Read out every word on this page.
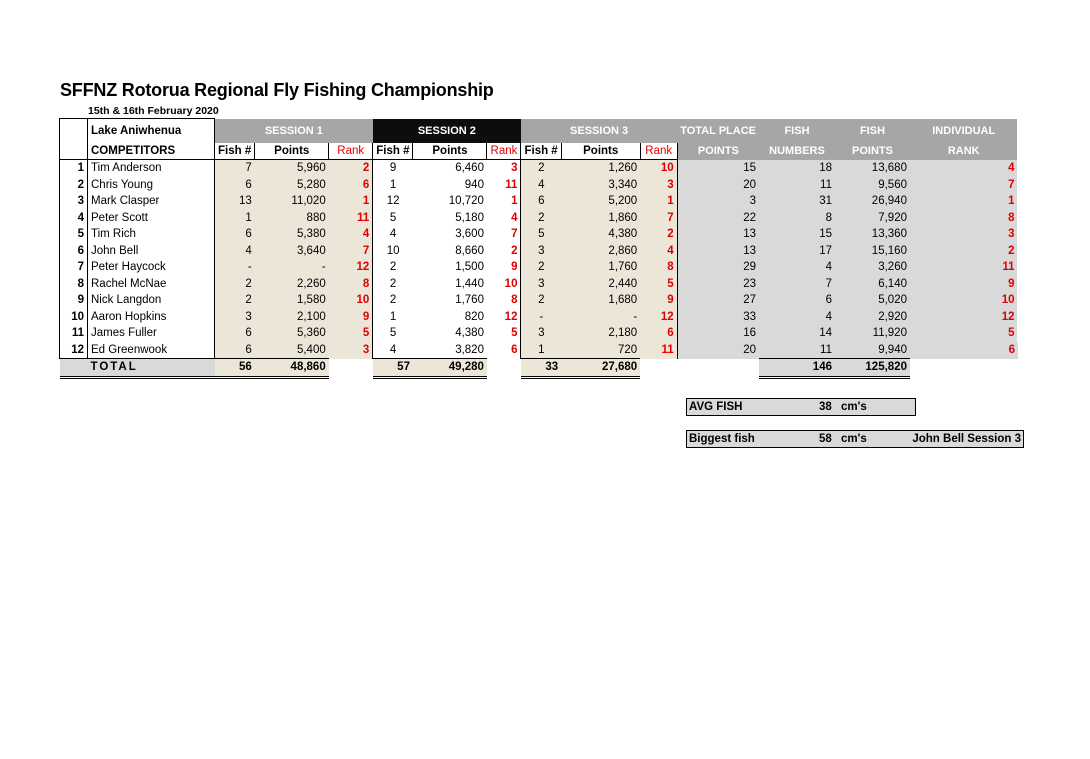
SFFNZ Rotorua Regional Fly Fishing Championship
15th & 16th February 2020
	Lake Aniwhenua	SESSION 1			SESSION 2			SESSION 3			TOTAL PLACE	FISH	FISH	INDIVIDUAL
	COMPETITORS	Fish #	Points	Rank	Fish #	Points	Rank	Fish #	Points	Rank	POINTS	NUMBERS	POINTS	RANK
1	Tim Anderson	7	5,960	2	9	6,460	3	2	1,260	10	15	18	13,680	4
2	Chris Young	6	5,280	6	1	940	11	4	3,340	3	20	11	9,560	7
3	Mark Clasper	13	11,020	1	12	10,720	1	6	5,200	1	3	31	26,940	1
4	Peter Scott	1	880	11	5	5,180	4	2	1,860	7	22	8	7,920	8
5	Tim Rich	6	5,380	4	4	3,600	7	5	4,380	2	13	15	13,360	3
6	John Bell	4	3,640	7	10	8,660	2	3	2,860	4	13	17	15,160	2
7	Peter Haycock	-	-	12	2	1,500	9	2	1,760	8	29	4	3,260	11
8	Rachel McNae	2	2,260	8	2	1,440	10	3	2,440	5	23	7	6,140	9
9	Nick Langdon	2	1,580	10	2	1,760	8	2	1,680	9	27	6	5,020	10
10	Aaron Hopkins	3	2,100	9	1	820	12	-	-	12	33	4	2,920	12
11	James Fuller	6	5,360	5	5	4,380	5	3	2,180	6	16	14	11,920	5
12	Ed Greenwook	6	5,400	3	4	3,820	6	1	720	11	20	11	9,940	6
	TOTAL	56	48,860		57	49,280		33	27,680			146	125,820	
AVG FISH	38 cm's
Biggest fish	58 cm's	John Bell Session 3
